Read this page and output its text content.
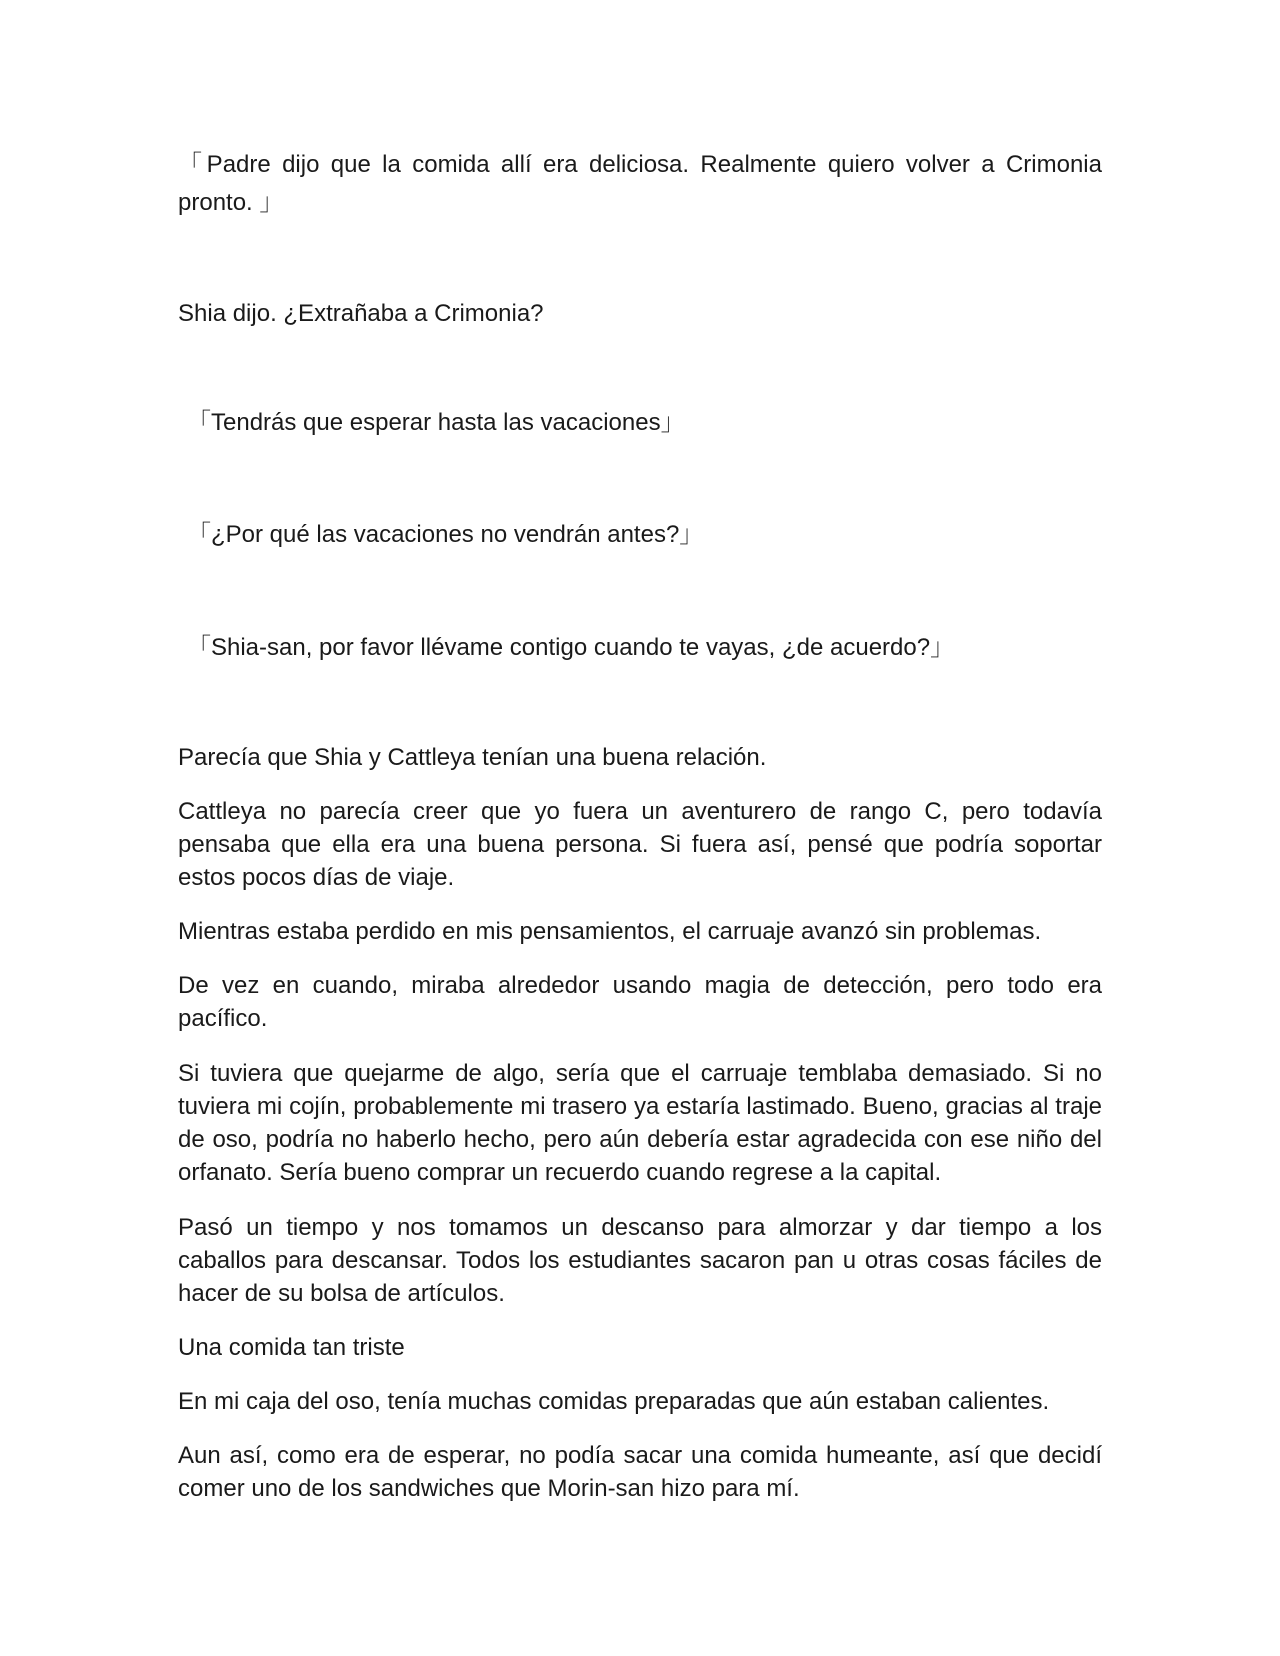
「Padre dijo que la comida allí era deliciosa. Realmente quiero volver a Crimonia pronto. 」

Shia dijo. ¿Extrañaba a Crimonia?

「Tendrás que esperar hasta las vacaciones」

「¿Por qué las vacaciones no vendrán antes?」

「Shia-san, por favor llévame contigo cuando te vayas, ¿de acuerdo?」

Parecía que Shia y Cattleya tenían una buena relación.

Cattleya no parecía creer que yo fuera un aventurero de rango C, pero todavía pensaba que ella era una buena persona. Si fuera así, pensé que podría soportar estos pocos días de viaje.

Mientras estaba perdido en mis pensamientos, el carruaje avanzó sin problemas.

De vez en cuando, miraba alrededor usando magia de detección, pero todo era pacífico.

Si tuviera que quejarme de algo, sería que el carruaje temblaba demasiado. Si no tuviera mi cojín, probablemente mi trasero ya estaría lastimado. Bueno, gracias al traje de oso, podría no haberlo hecho, pero aún debería estar agradecida con ese niño del orfanato. Sería bueno comprar un recuerdo cuando regrese a la capital.

Pasó un tiempo y nos tomamos un descanso para almorzar y dar tiempo a los caballos para descansar. Todos los estudiantes sacaron pan u otras cosas fáciles de hacer de su bolsa de artículos.

Una comida tan triste

En mi caja del oso, tenía muchas comidas preparadas que aún estaban calientes.

Aun así, como era de esperar, no podía sacar una comida humeante, así que decidí comer uno de los sandwiches que Morin-san hizo para mí.
